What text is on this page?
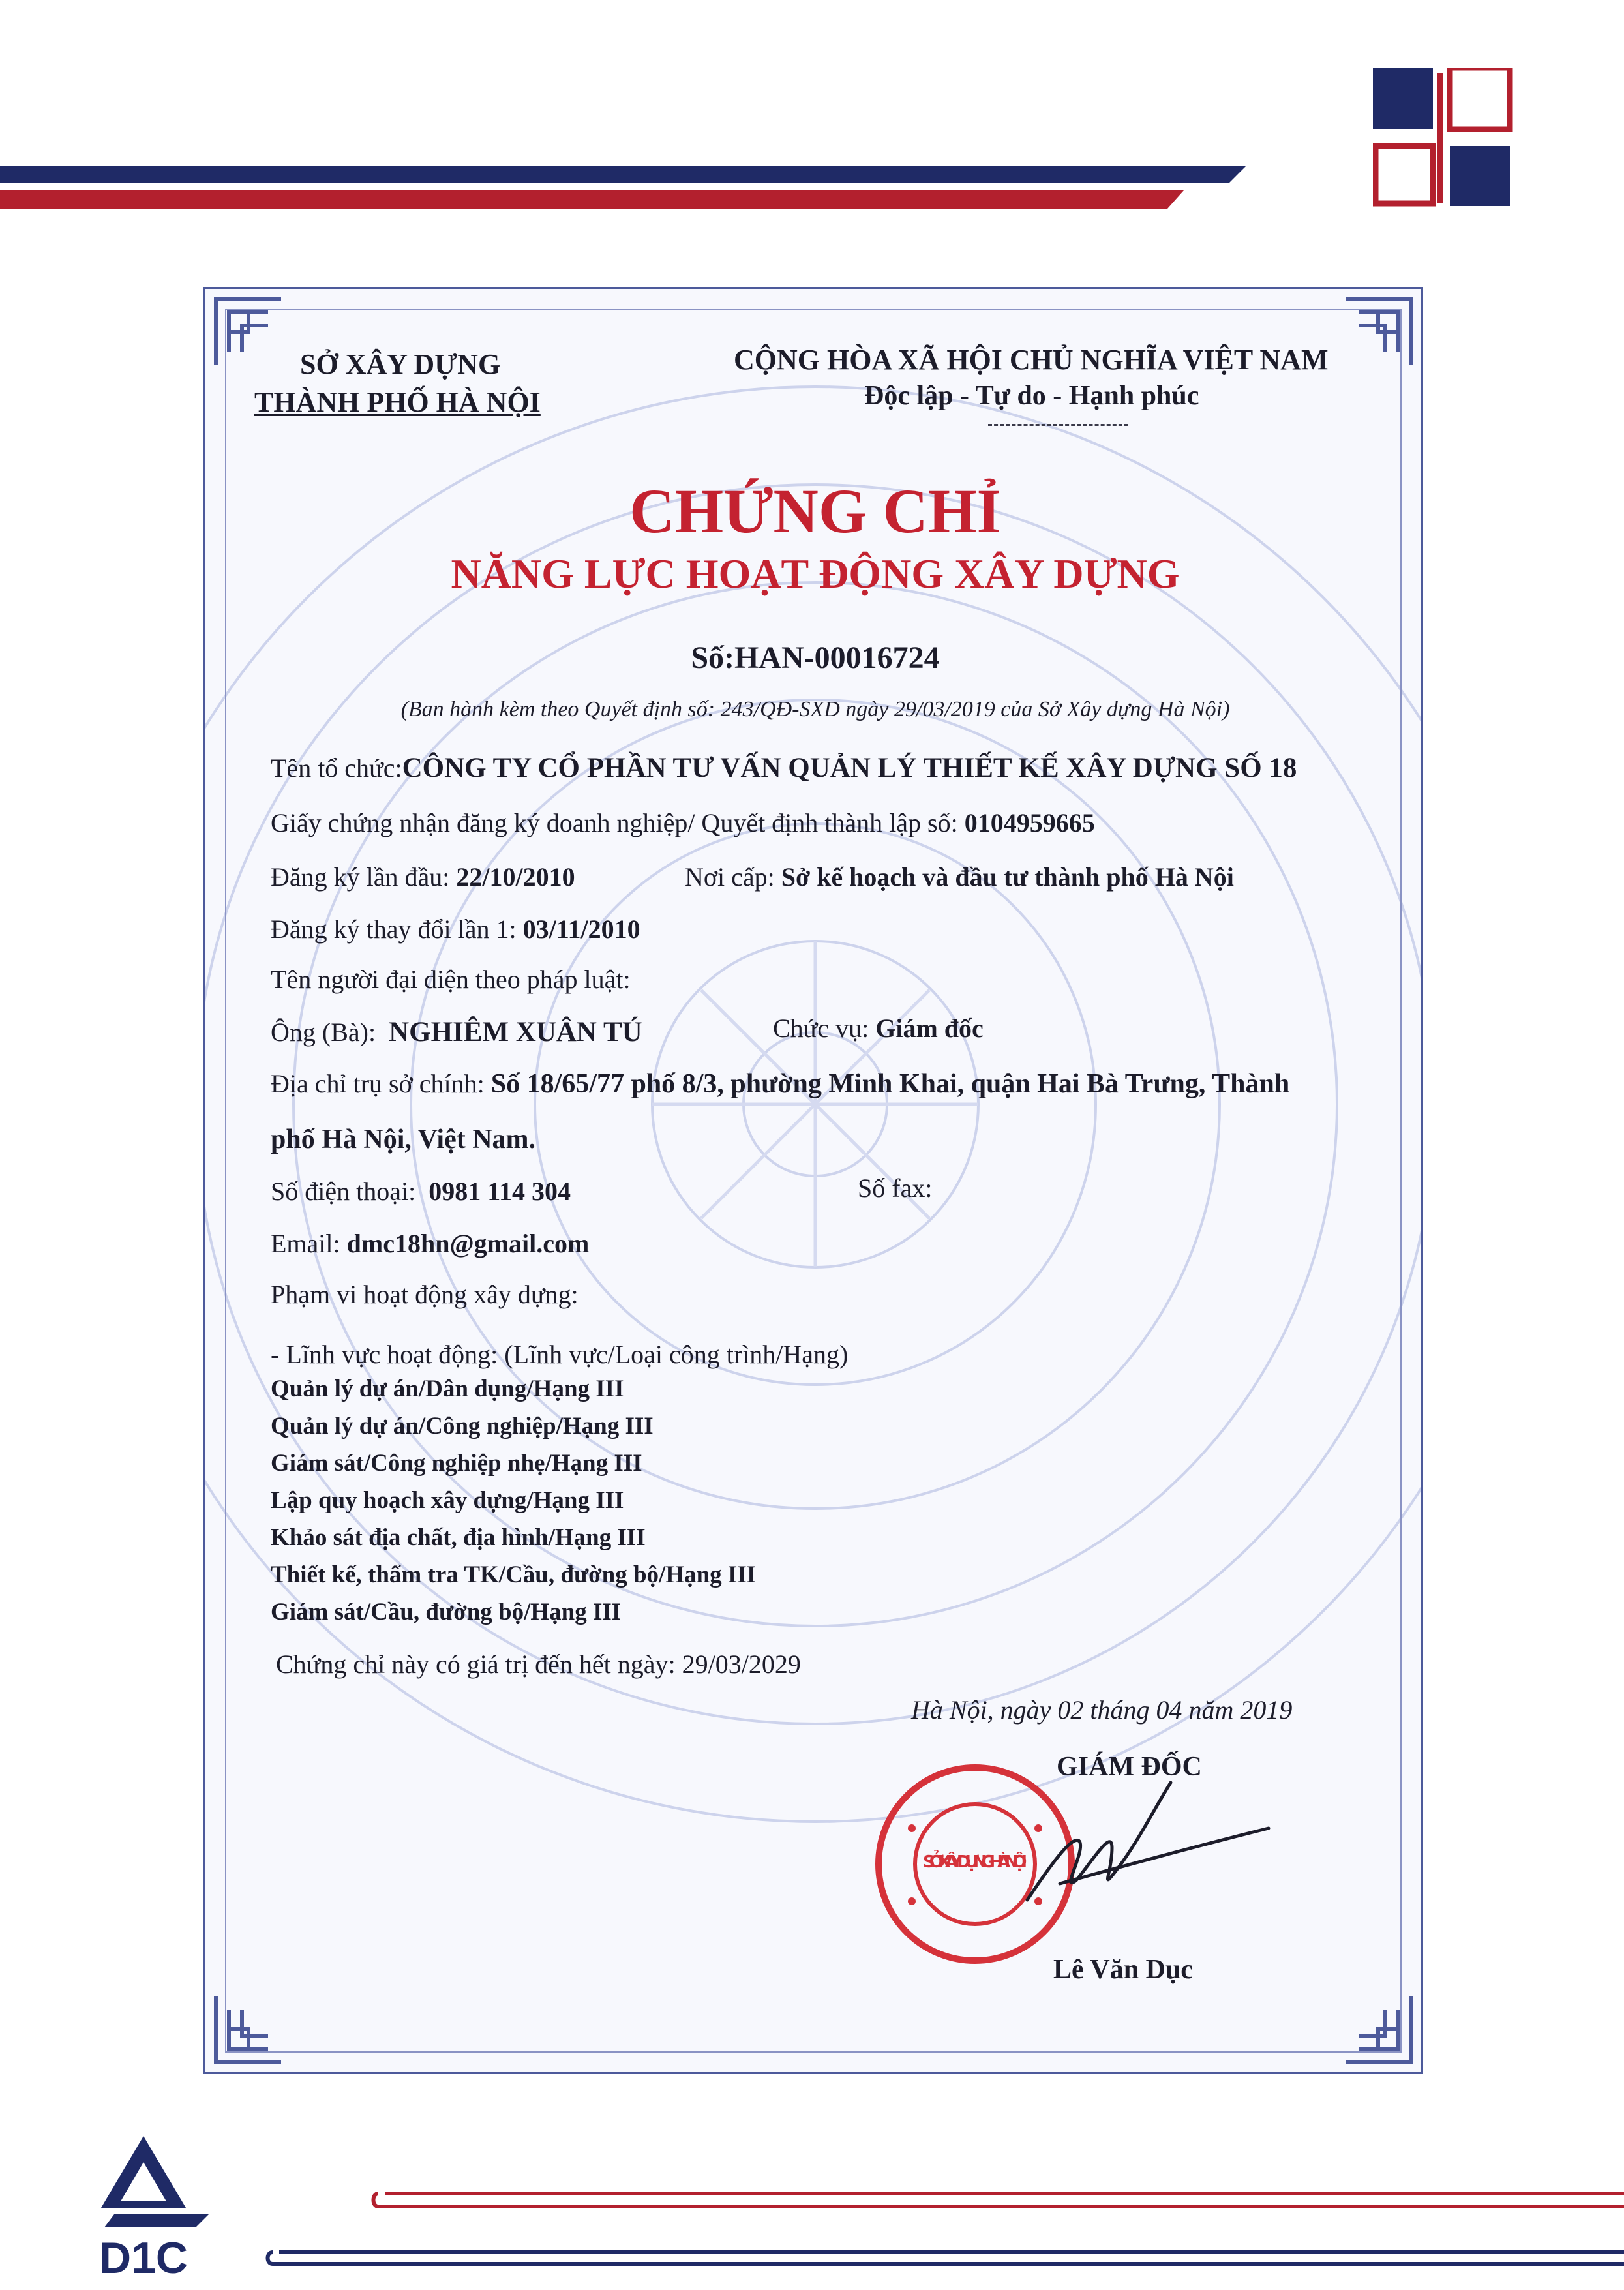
SỞ XÂY DỰNG
THÀNH PHỐ HÀ NỘI
CỘNG HÒA XÃ HỘI CHỦ NGHĨA VIỆT NAM
Độc lập - Tự do - Hạnh phúc
CHỨNG CHỈ
NĂNG LỰC HOẠT ĐỘNG XÂY DỰNG
Số:HAN-00016724
(Ban hành kèm theo Quyết định số: 243/QĐ-SXD ngày 29/03/2019 của Sở Xây dựng Hà Nội)
Tên tổ chức:CÔNG TY CỔ PHẦN TƯ VẤN QUẢN LÝ THIẾT KẾ XÂY DỰNG SỐ 18
Giấy chứng nhận đăng ký doanh nghiệp/ Quyết định thành lập số: 0104959665
Đăng ký lần đầu: 22/10/2010	Nơi cấp: Sở kế hoạch và đầu tư thành phố Hà Nội
Đăng ký thay đổi lần 1: 03/11/2010
Tên người đại diện theo pháp luật:
Ông (Bà): NGHIÊM XUÂN TÚ	Chức vụ: Giám đốc
Địa chỉ trụ sở chính: Số 18/65/77 phố 8/3, phường Minh Khai, quận Hai Bà Trưng, Thành
phố Hà Nội, Việt Nam.
Số điện thoại: 0981 114 304	Số fax:
Email: dmc18hn@gmail.com
Phạm vi hoạt động xây dựng:
- Lĩnh vực hoạt động: (Lĩnh vực/Loại công trình/Hạng)
Quản lý dự án/Dân dụng/Hạng III
Quản lý dự án/Công nghiệp/Hạng III
Giám sát/Công nghiệp nhẹ/Hạng III
Lập quy hoạch xây dựng/Hạng III
Khảo sát địa chất, địa hình/Hạng III
Thiết kế, thẩm tra TK/Cầu, đường bộ/Hạng III
Giám sát/Cầu, đường bộ/Hạng III
Chứng chỉ này có giá trị đến hết ngày: 29/03/2029
Hà Nội, ngày 02 tháng 04 năm 2019
GIÁM ĐỐC
SỞ XÂY DỰNG HÀ NỘI
Lê Văn Dục
D1C
